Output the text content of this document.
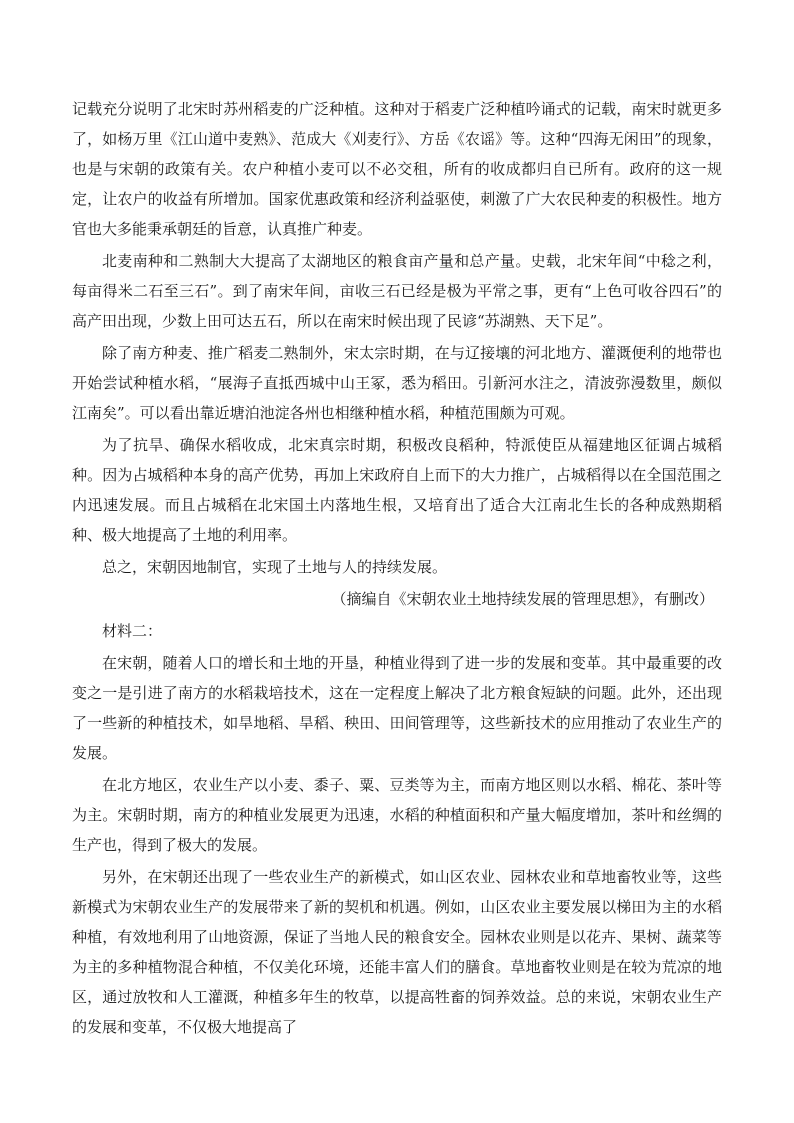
记载充分说明了北宋时苏州稻麦的广泛种植。这种对于稻麦广泛种植吟诵式的记载，南宋时就更多了，如杨万里《江山道中麦熟》、范成大《刈麦行》、方岳《农谣》等。这种“四海无闲田”的现象，也是与宋朝的政策有关。农户种植小麦可以不必交租，所有的收成都归自已所有。政府的这一规定，让农户的收益有所增加。国家优惠政策和经济利益驱使，刺激了广大农民种麦的积极性。地方官也大多能秉承朝廷的旨意，认真推广种麦。

北麦南种和二熟制大大提高了太湖地区的粮食亩产量和总产量。史载，北宋年间“中稔之利，每亩得米二石至三石”。到了南宋年间，亩收三石已经是极为平常之事，更有“上色可收谷四石”的高产田出现，少数上田可达五石，所以在南宋时候出现了民谚“苏湖熟、天下足”。

除了南方种麦、推广稻麦二熟制外，宋太宗时期，在与辽接壤的河北地方、灌溉便利的地带也开始尝试种植水稻，“展海子直抵西城中山王冢，悉为稻田。引新河水注之，清波弥漫数里，颇似江南矣”。可以看出靠近塘泊池淀各州也相继种植水稻，种植范围颇为可观。

为了抗旱、确保水稻收成，北宋真宗时期，积极改良稻种，特派使臣从福建地区征调占城稻种。因为占城稻种本身的高产优势，再加上宋政府自上而下的大力推广，占城稻得以在全国范围之内迅速发展。而且占城稻在北宋国土内落地生根，又培育出了适合大江南北生长的各种成熟期稻种、极大地提高了土地的利用率。

总之，宋朝因地制官，实现了土地与人的持续发展。

（摘编自《宋朝农业土地持续发展的管理思想》，有删改）

材料二：

在宋朝，随着人口的增长和土地的开垦，种植业得到了进一步的发展和变革。其中最重要的改变之一是引进了南方的水稻栽培技术，这在一定程度上解决了北方粮食短缺的问题。此外，还出现了一些新的种植技术，如旱地稻、旱稻、秧田、田间管理等，这些新技术的应用推动了农业生产的发展。

在北方地区，农业生产以小麦、黍子、粟、豆类等为主，而南方地区则以水稻、棉花、茶叶等为主。宋朝时期，南方的种植业发展更为迅速，水稻的种植面积和产量大幅度增加，茶叶和丝绸的生产也，得到了极大的发展。

另外，在宋朝还出现了一些农业生产的新模式，如山区农业、园林农业和草地畜牧业等，这些新模式为宋朝农业生产的发展带来了新的契机和机遇。例如，山区农业主要发展以梯田为主的水稻种植，有效地利用了山地资源，保证了当地人民的粮食安全。园林农业则是以花卉、果树、蔬菜等为主的多种植物混合种植，不仅美化环境，还能丰富人们的膳食。草地畜牧业则是在较为荒凉的地区，通过放牧和人工灌溉，种植多年生的牧草，以提高牲畜的饲养效益。总的来说，宋朝农业生产的发展和变革，不仅极大地提高了
